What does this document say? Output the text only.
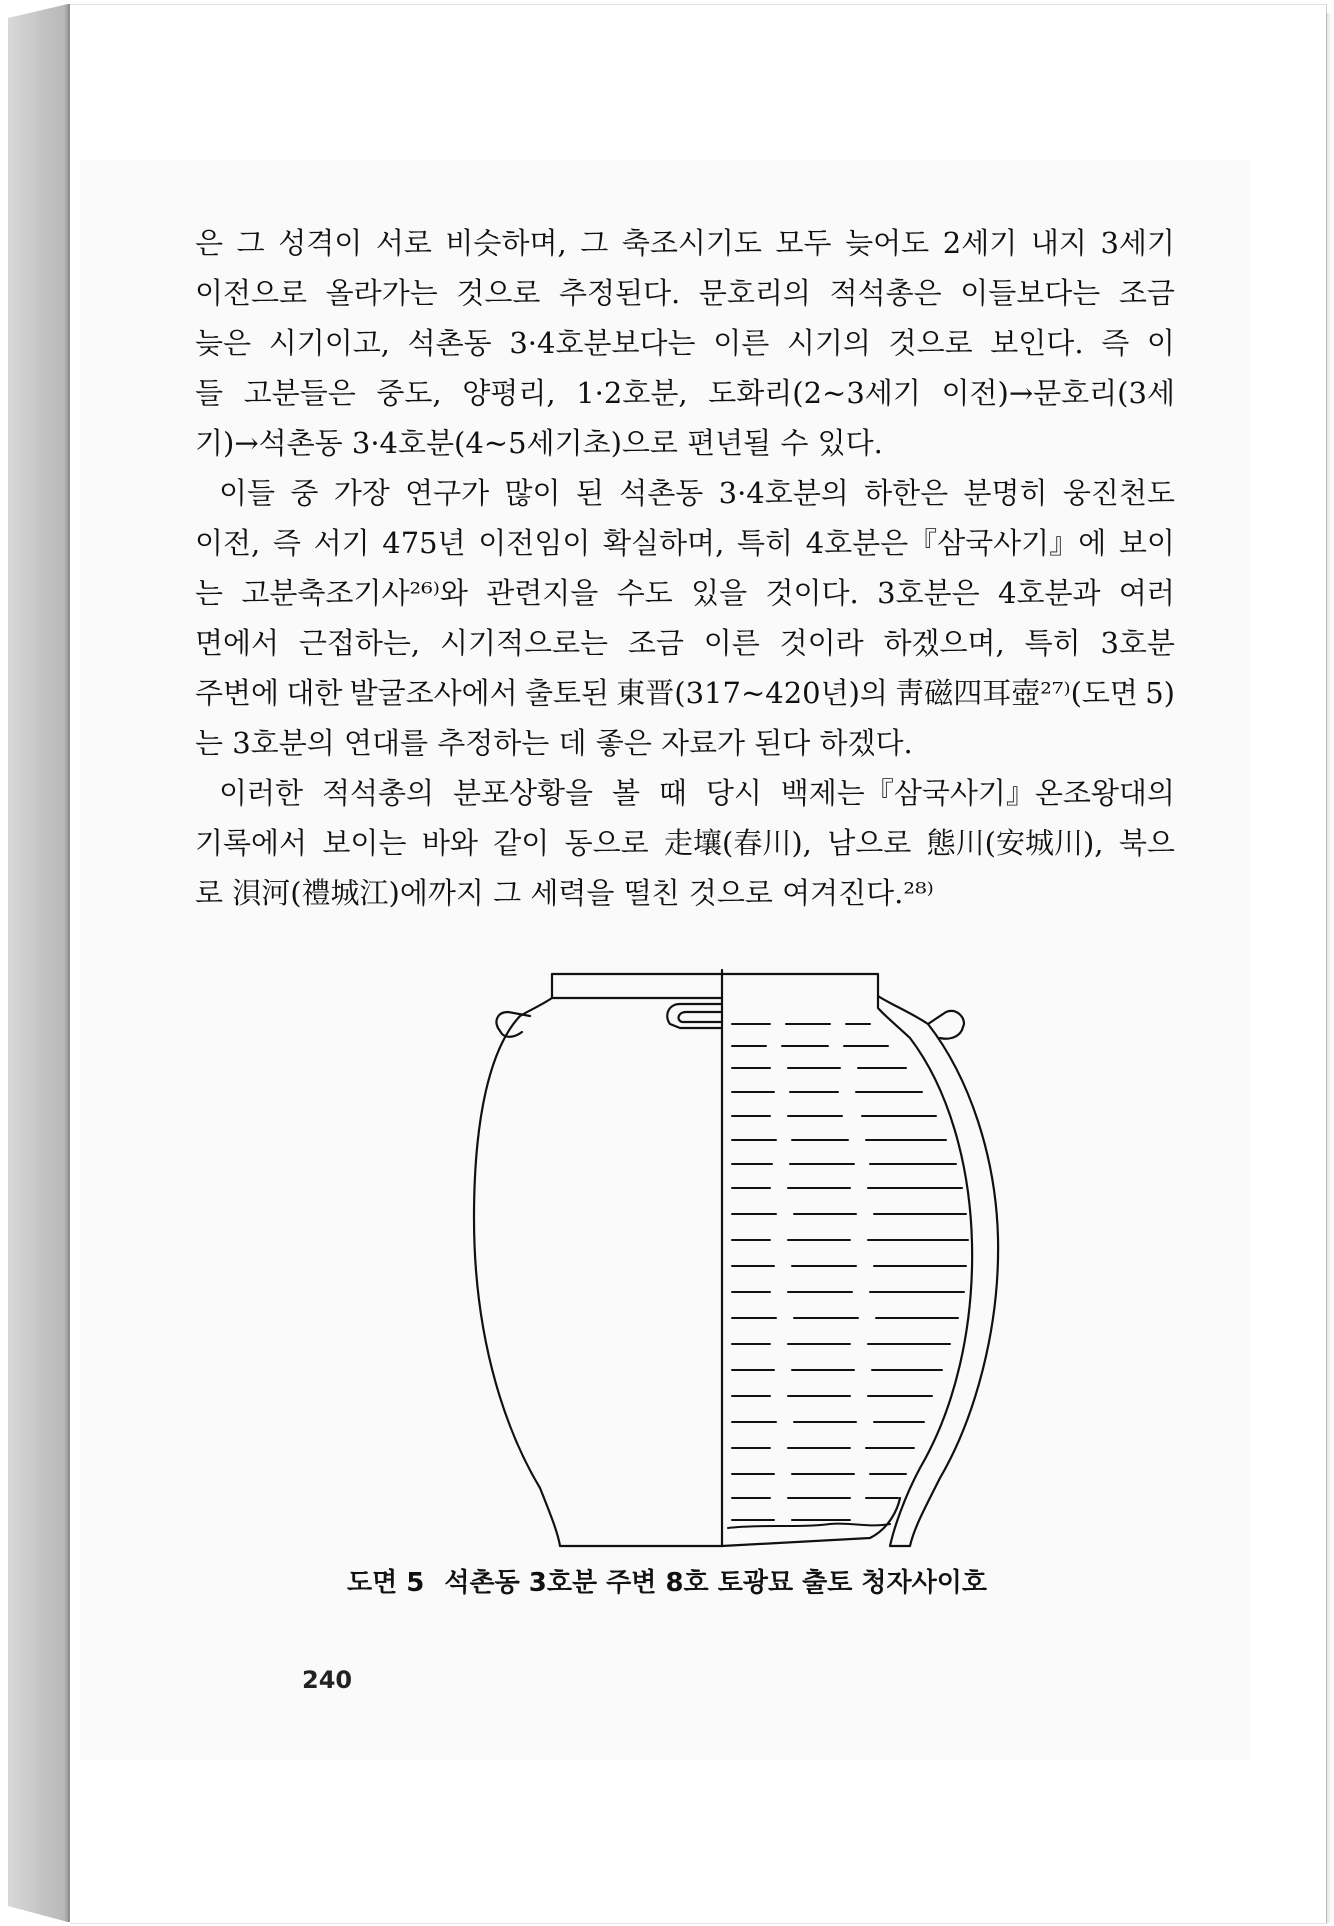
은 그 성격이 서로 비슷하며, 그 축조시기도 모두 늦어도 2세기 내지 3세기
이전으로 올라가는 것으로 추정된다. 문호리의 적석총은 이들보다는 조금
늦은 시기이고, 석촌동 3·4호분보다는 이른 시기의 것으로 보인다. 즉 이
들 고분들은 중도, 양평리, 1·2호분, 도화리(2~3세기 이전)→문호리(3세
기)→석촌동 3·4호분(4~5세기초)으로 편년될 수 있다.
이들 중 가장 연구가 많이 된 석촌동 3·4호분의 하한은 분명히 웅진천도
이전, 즉 서기 475년 이전임이 확실하며, 특히 4호분은『삼국사기』에 보이
는 고분축조기사²⁶⁾와 관련지을 수도 있을 것이다. 3호분은 4호분과 여러
면에서 근접하는, 시기적으로는 조금 이른 것이라 하겠으며, 특히 3호분
주변에 대한 발굴조사에서 출토된 東晋(317~420년)의 靑磁四耳壺²⁷⁾(도면 5)
는 3호분의 연대를 추정하는 데 좋은 자료가 된다 하겠다.
이러한 적석총의 분포상황을 볼 때 당시 백제는『삼국사기』온조왕대의
기록에서 보이는 바와 같이 동으로 走壤(春川), 남으로 態川(安城川), 북으
로 浿河(禮城江)에까지 그 세력을 떨친 것으로 여겨진다.²⁸⁾
도면 5 석촌동 3호분 주변 8호 토광묘 출토 청자사이호
240
